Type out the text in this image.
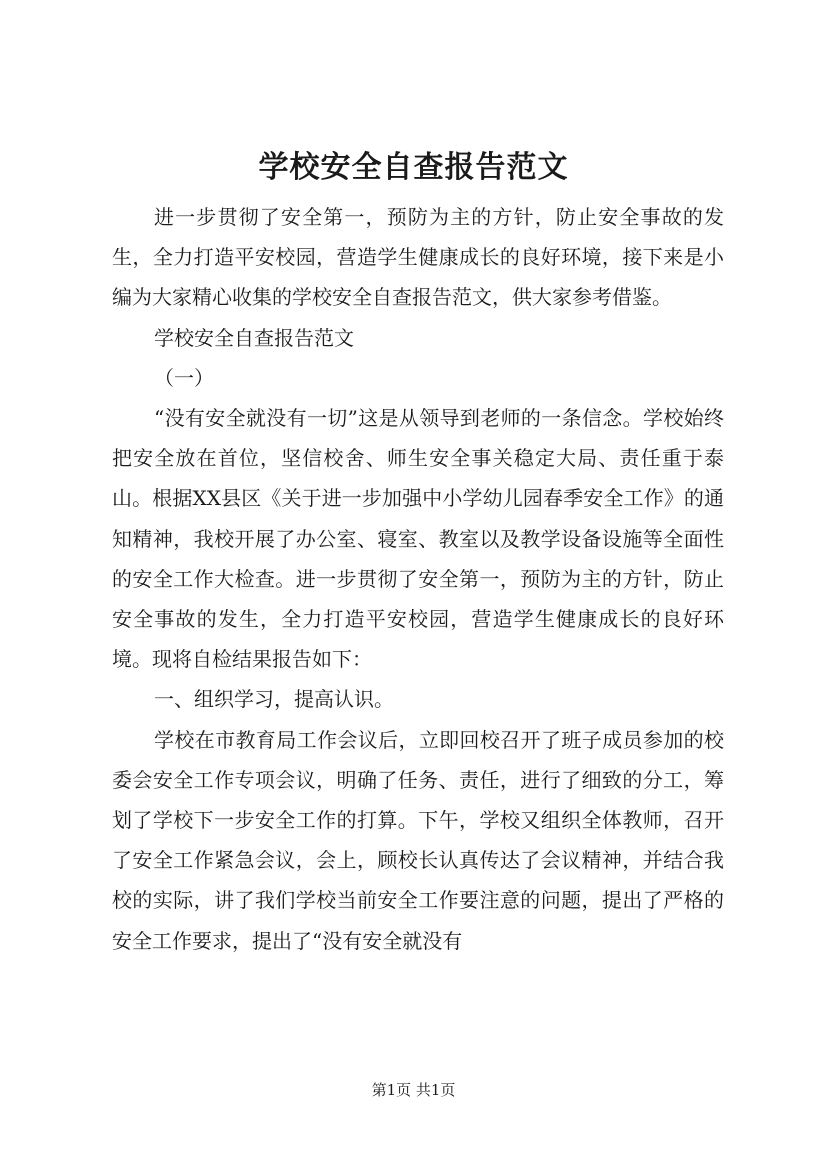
学校安全自查报告范文

进一步贯彻了安全第一，预防为主的方针，防止安全事故的发生，全力打造平安校园，营造学生健康成长的良好环境，接下来是小编为大家精心收集的学校安全自查报告范文，供大家参考借鉴。

学校安全自查报告范文

（一）

“没有安全就没有一切”这是从领导到老师的一条信念。学校始终把安全放在首位，坚信校舍、师生安全事关稳定大局、责任重于泰山。根据XX县区《关于进一步加强中小学幼儿园春季安全工作》的通知精神，我校开展了办公室、寝室、教室以及教学设备设施等全面性的安全工作大检查。进一步贯彻了安全第一，预防为主的方针，防止安全事故的发生，全力打造平安校园，营造学生健康成长的良好环境。现将自检结果报告如下：

一、组织学习，提高认识。

学校在市教育局工作会议后，立即回校召开了班子成员参加的校委会安全工作专项会议，明确了任务、责任，进行了细致的分工，筹划了学校下一步安全工作的打算。下午，学校又组织全体教师，召开了安全工作紧急会议，会上，顾校长认真传达了会议精神，并结合我校的实际，讲了我们学校当前安全工作要注意的问题，提出了严格的安全工作要求，提出了“没有安全就没有

第1页 共1页
